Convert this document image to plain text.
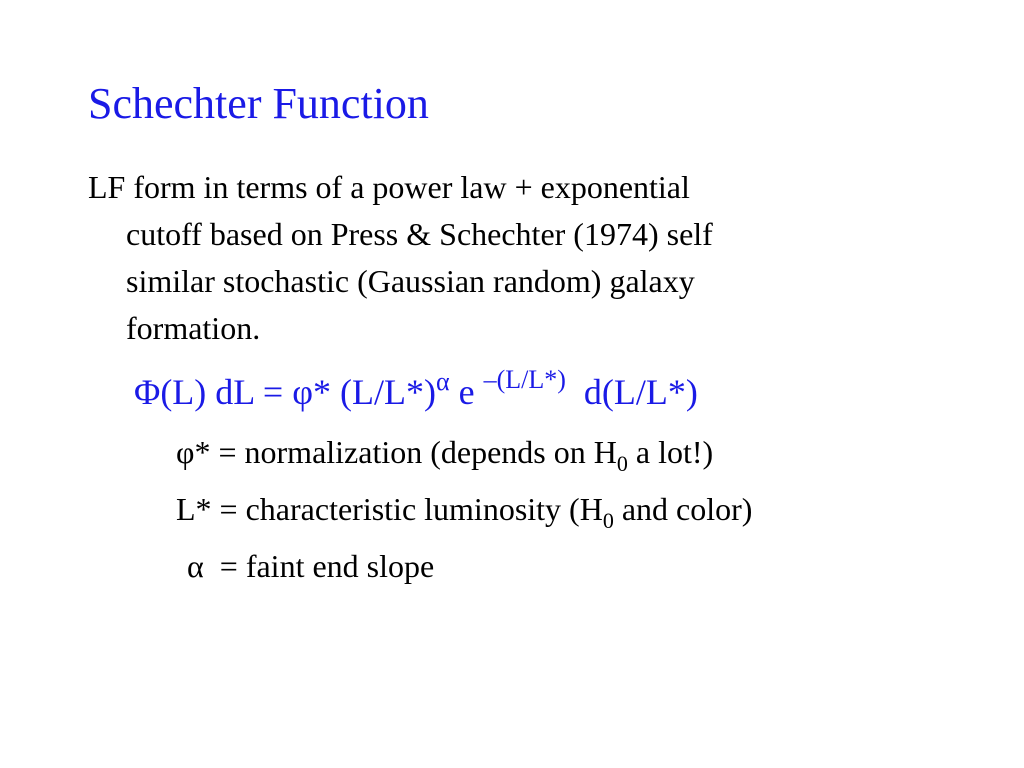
Schechter Function
LF form in terms of a power law + exponential
cutoff based on Press & Schechter (1974) self
similar stochastic (Gaussian random) galaxy
formation.
Φ(L) dL = φ* $(L/L*)^\alpha$ e $^{-(L/L*)}$  d(L/L*)
φ* = normalization (depends on $H_0$ a lot!)
L* = characteristic luminosity ($H_0$ and color)
α  = faint end slope
